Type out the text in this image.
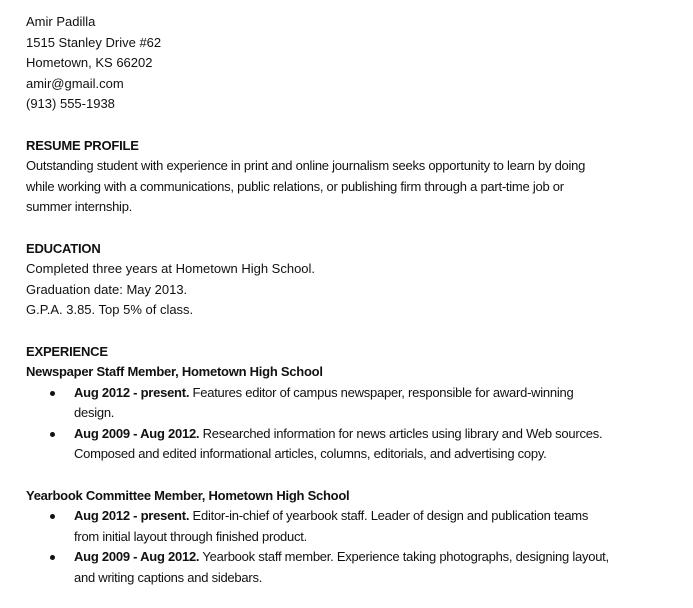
Amir Padilla
1515 Stanley Drive #62
Hometown, KS 66202
amir@gmail.com
(913) 555-1938
RESUME PROFILE
Outstanding student with experience in print and online journalism seeks opportunity to learn by doing
while working with a communications, public relations, or publishing firm through a part-time job or
summer internship.
EDUCATION
Completed three years at Hometown High School.
Graduation date: May 2013.
G.P.A. 3.85. Top 5% of class.
EXPERIENCE
Newspaper Staff Member, Hometown High School
Aug 2012 - present. Features editor of campus newspaper, responsible for award-winning
design.
Aug 2009 - Aug 2012. Researched information for news articles using library and Web sources.
Composed and edited informational articles, columns, editorials, and advertising copy.
Yearbook Committee Member, Hometown High School
Aug 2012 - present. Editor-in-chief of yearbook staff. Leader of design and publication teams
from initial layout through finished product.
Aug 2009 - Aug 2012. Yearbook staff member. Experience taking photographs, designing layout,
and writing captions and sidebars.
